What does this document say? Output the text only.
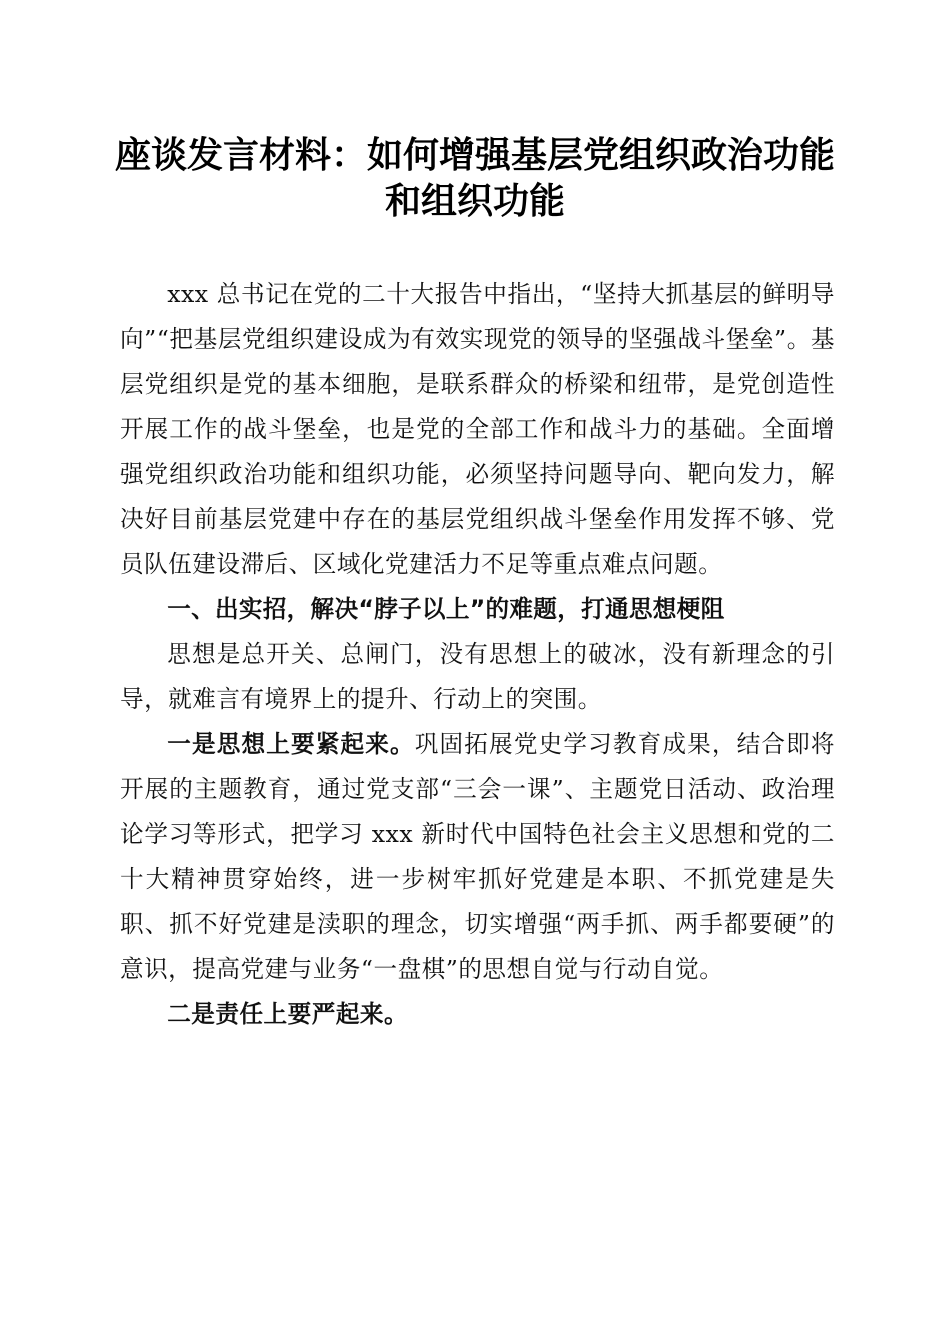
座谈发言材料：如何增强基层党组织政治功能
和组织功能

xxx 总书记在党的二十大报告中指出，“坚持大抓基层的鲜明导向”“把基层党组织建设成为有效实现党的领导的坚强战斗堡垒”。基层党组织是党的基本细胞，是联系群众的桥梁和纽带，是党创造性开展工作的战斗堡垒，也是党的全部工作和战斗力的基础。全面增强党组织政治功能和组织功能，必须坚持问题导向、靶向发力，解决好目前基层党建中存在的基层党组织战斗堡垒作用发挥不够、党员队伍建设滞后、区域化党建活力不足等重点难点问题。

一、出实招，解决“脖子以上”的难题，打通思想梗阻

思想是总开关、总闸门，没有思想上的破冰，没有新理念的引导，就难言有境界上的提升、行动上的突围。

一是思想上要紧起来。巩固拓展党史学习教育成果，结合即将开展的主题教育，通过党支部“三会一课”、主题党日活动、政治理论学习等形式，把学习 xxx 新时代中国特色社会主义思想和党的二十大精神贯穿始终，进一步树牢抓好党建是本职、不抓党建是失职、抓不好党建是渎职的理念，切实增强“两手抓、两手都要硬”的意识，提高党建与业务“一盘棋”的思想自觉与行动自觉。

二是责任上要严起来。
